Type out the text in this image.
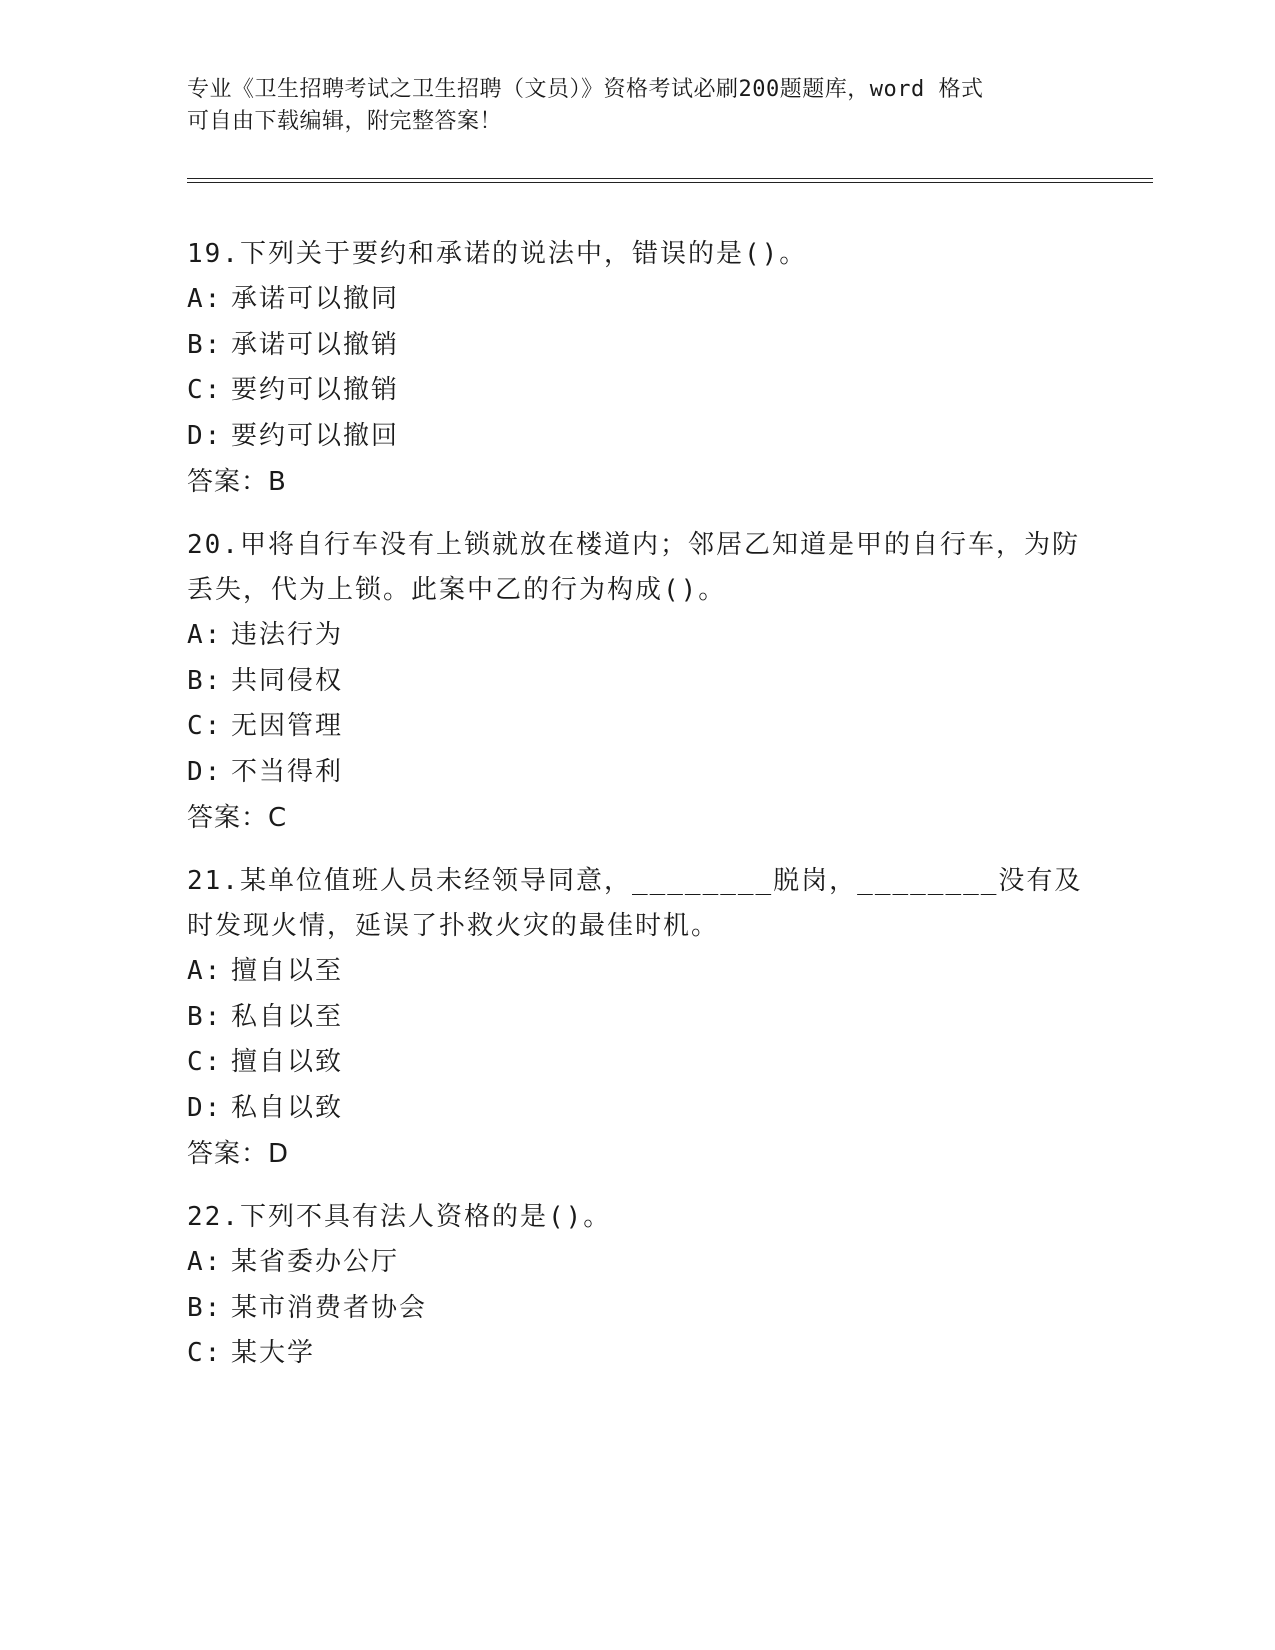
专业《卫生招聘考试之卫生招聘（文员）》资格考试必刷200题题库，word 格式
可自由下载编辑，附完整答案！
19.下列关于要约和承诺的说法中，错误的是()。
A: 承诺可以撤同
B: 承诺可以撤销
C: 要约可以撤销
D: 要约可以撤回
答案：B
20.甲将自行车没有上锁就放在楼道内；邻居乙知道是甲的自行车，为防丢失，代为上锁。此案中乙的行为构成()。
A: 违法行为
B: 共同侵权
C: 无因管理
D: 不当得利
答案：C
21.某单位值班人员未经领导同意，________脱岗，________没有及时发现火情，延误了扑救火灾的最佳时机。
A: 擅自以至
B: 私自以至
C: 擅自以致
D: 私自以致
答案：D
22.下列不具有法人资格的是()。
A: 某省委办公厅
B: 某市消费者协会
C: 某大学
